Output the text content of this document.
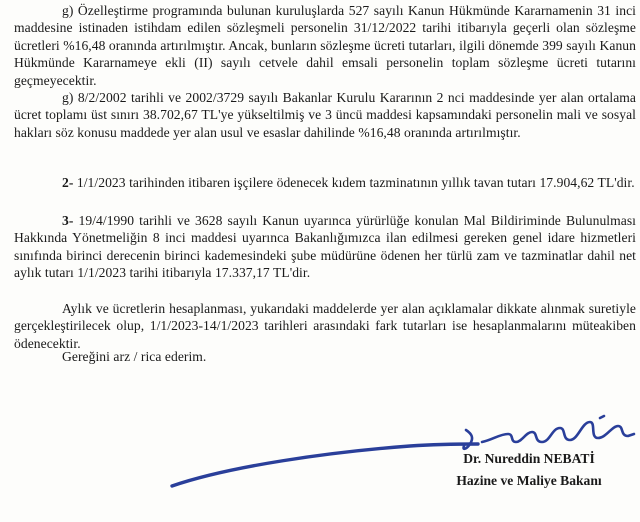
g) Özelleştirme programında bulunan kuruluşlarda 527 sayılı Kanun Hükmünde Kararnamenin 31 inci maddesine istinaden istihdam edilen sözleşmeli personelin 31/12/2022 tarihi itibarıyla geçerli olan sözleşme ücretleri %16,48 oranında artırılmıştır. Ancak, bunların sözleşme ücreti tutarları, ilgili dönemde 399 sayılı Kanun Hükmünde Kararnameye ekli (II) sayılı cetvele dahil emsali personelin toplam sözleşme ücreti tutarını geçmeyecektir.

g) 8/2/2002 tarihli ve 2002/3729 sayılı Bakanlar Kurulu Kararının 2 nci maddesinde yer alan ortalama ücret toplamı üst sınırı 38.702,67 TL'ye yükseltilmiş ve 3 üncü maddesi kapsamındaki personelin mali ve sosyal hakları söz konusu maddede yer alan usul ve esaslar dahilinde %16,48 oranında artırılmıştır.

2- 1/1/2023 tarihinden itibaren işçilere ödenecek kıdem tazminatının yıllık tavan tutarı 17.904,62 TL'dir.

3- 19/4/1990 tarihli ve 3628 sayılı Kanun uyarınca yürürlüğe konulan Mal Bildiriminde Bulunulması Hakkında Yönetmeliğin 8 inci maddesi uyarınca Bakanlığımızca ilan edilmesi gereken genel idare hizmetleri sınıfında birinci derecenin birinci kademesindeki şube müdürüne ödenen her türlü zam ve tazminatlar dahil net aylık tutarı 1/1/2023 tarihi itibarıyla 17.337,17 TL'dir.

Aylık ve ücretlerin hesaplanması, yukarıdaki maddelerde yer alan açıklamalar dikkate alınmak suretiyle gerçekleştirilecek olup, 1/1/2023-14/1/2023 tarihleri arasındaki fark tutarları ise hesaplanmalarını müteakiben ödenecektir.

Gereğini arz / rica ederim.

Dr. Nureddin NEBATİ

Hazine ve Maliye Bakanı
